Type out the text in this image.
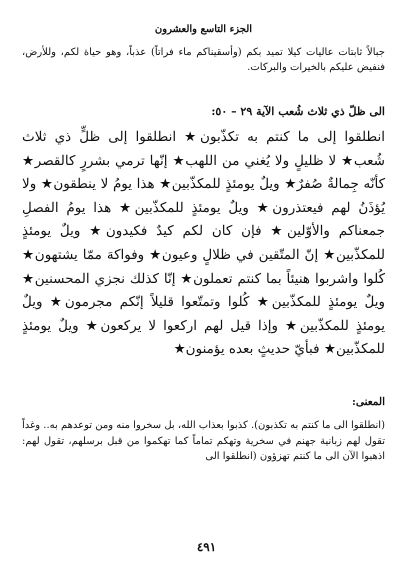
الجزء التاسع والعشرون

جبالاً ثابتات عاليات كيلا تميد بكم (وأسقيناكم ماء فراتاً) عذباً، وهو حياة لكم، وللأرض، فنفيض عليكم بالخيرات والبركات.

الى ظلّ ذي ثلاث شُعب الآية ٢٩ – ٥٠:

انطلقوا إلى ما كنتم به تكذّبون★ انطلقوا إلى ظلٍّ ذي ثلاث شُعب★ لا ظليلٍ ولا يُغني من اللهب★ إنّها ترمي بشررٍ كالقصر★ كأنّه جِمالةٌ صُفرٌ★ ويلٌ يومئذٍ للمكذّبين★ هذا يومُ لا ينطقون★ ولا يُؤذَنُ لهم فيعتذرون★ ويلٌ يومئذٍ للمكذّبين★ هذا يومُ الفصلِ جمعناكم والأوّلين★ فإن كان لكم كيدٌ فكيدون★ ويلٌ يومئذٍ للمكذّبين★ إنّ المتّقين في ظلالٍ وعيون★ وفواكهَ ممّا يشتهون★ كُلوا واشربوا هنيئاً بما كنتم تعملون★ إنّا كذلك نجزي المحسنين★ ويلٌ يومئذٍ للمكذّبين★ كُلوا وتمتّعوا قليلاً إنّكم مجرمون★ ويلٌ يومئذٍ للمكذّبين★ وإذا قيل لهم اركعوا لا يركعون★ ويلٌ يومئذٍ للمكذّبين★ فبأيّ حديثٍ بعده يؤمنون★

المعنى:

(انطلقوا الى ما كنتم به تكذبون). كذبوا بعذاب الله، بل سخروا منه ومن توعدهم به.. وغداً تقول لهم زبانية جهنم في سخرية وتهكم تماماً كما تهكموا من قبل برسلهم، تقول لهم: اذهبوا الآن الى ما كنتم تهزؤون (انطلقوا الى

٤٩١
